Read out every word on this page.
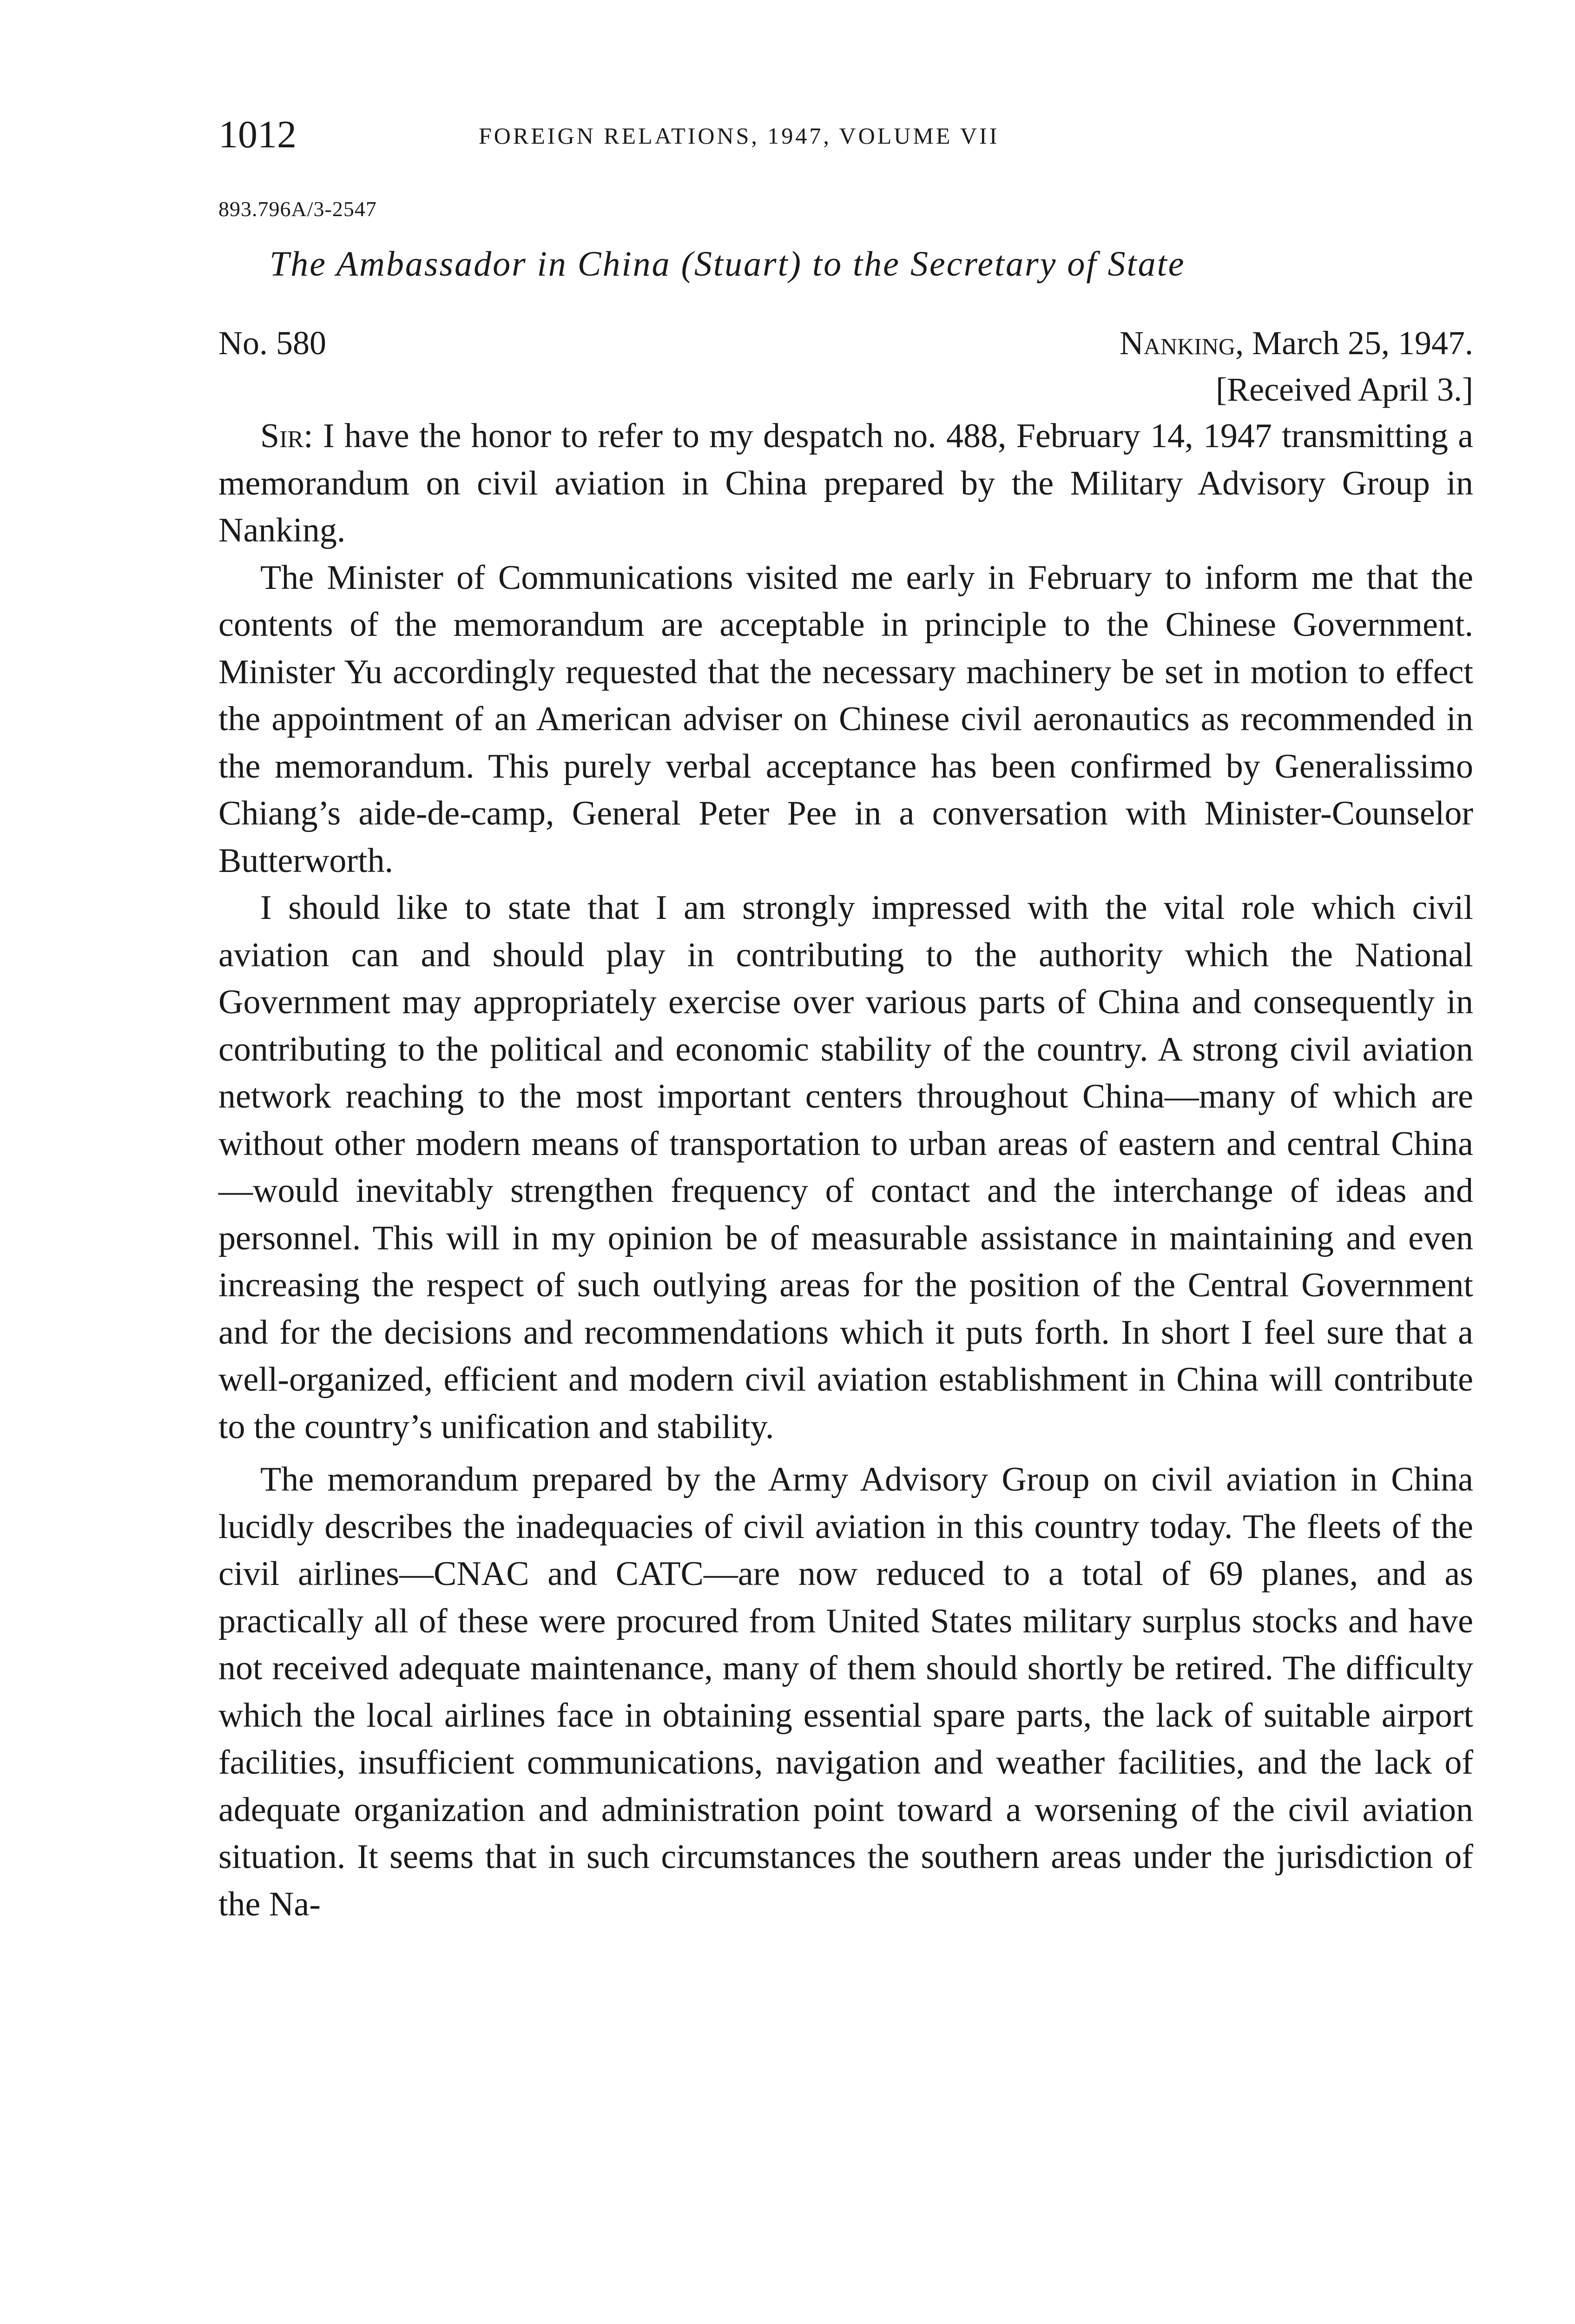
1012	FOREIGN RELATIONS, 1947, VOLUME VII
893.796A/3-2547
The Ambassador in China (Stuart) to the Secretary of State
No. 580	Nanking, March 25, 1947.
[Received April 3.]

Sir: I have the honor to refer to my despatch no. 488, February 14, 1947 transmitting a memorandum on civil aviation in China prepared by the Military Advisory Group in Nanking.

The Minister of Communications visited me early in February to inform me that the contents of the memorandum are acceptable in principle to the Chinese Government. Minister Yu accordingly requested that the necessary machinery be set in motion to effect the appointment of an American adviser on Chinese civil aeronautics as recommended in the memorandum. This purely verbal acceptance has been confirmed by Generalissimo Chiang’s aide-de-camp, General Peter Pee in a conversation with Minister-Counselor Butterworth.

I should like to state that I am strongly impressed with the vital role which civil aviation can and should play in contributing to the authority which the National Government may appropriately exercise over various parts of China and consequently in contributing to the political and economic stability of the country. A strong civil aviation network reaching to the most important centers throughout China—many of which are without other modern means of transportation to urban areas of eastern and central China—would inevitably strengthen frequency of contact and the interchange of ideas and personnel. This will in my opinion be of measurable assistance in maintaining and even increasing the respect of such outlying areas for the position of the Central Government and for the decisions and recommendations which it puts forth. In short I feel sure that a well-organized, efficient and modern civil aviation establishment in China will contribute to the country’s unification and stability.

The memorandum prepared by the Army Advisory Group on civil aviation in China lucidly describes the inadequacies of civil aviation in this country today. The fleets of the civil airlines—CNAC and CATC—are now reduced to a total of 69 planes, and as practically all of these were procured from United States military surplus stocks and have not received adequate maintenance, many of them should shortly be retired. The difficulty which the local airlines face in obtaining essential spare parts, the lack of suitable airport facilities, insufficient communications, navigation and weather facilities, and the lack of adequate organization and administration point toward a worsening of the civil aviation situation. It seems that in such circumstances the southern areas under the jurisdiction of the Na-
